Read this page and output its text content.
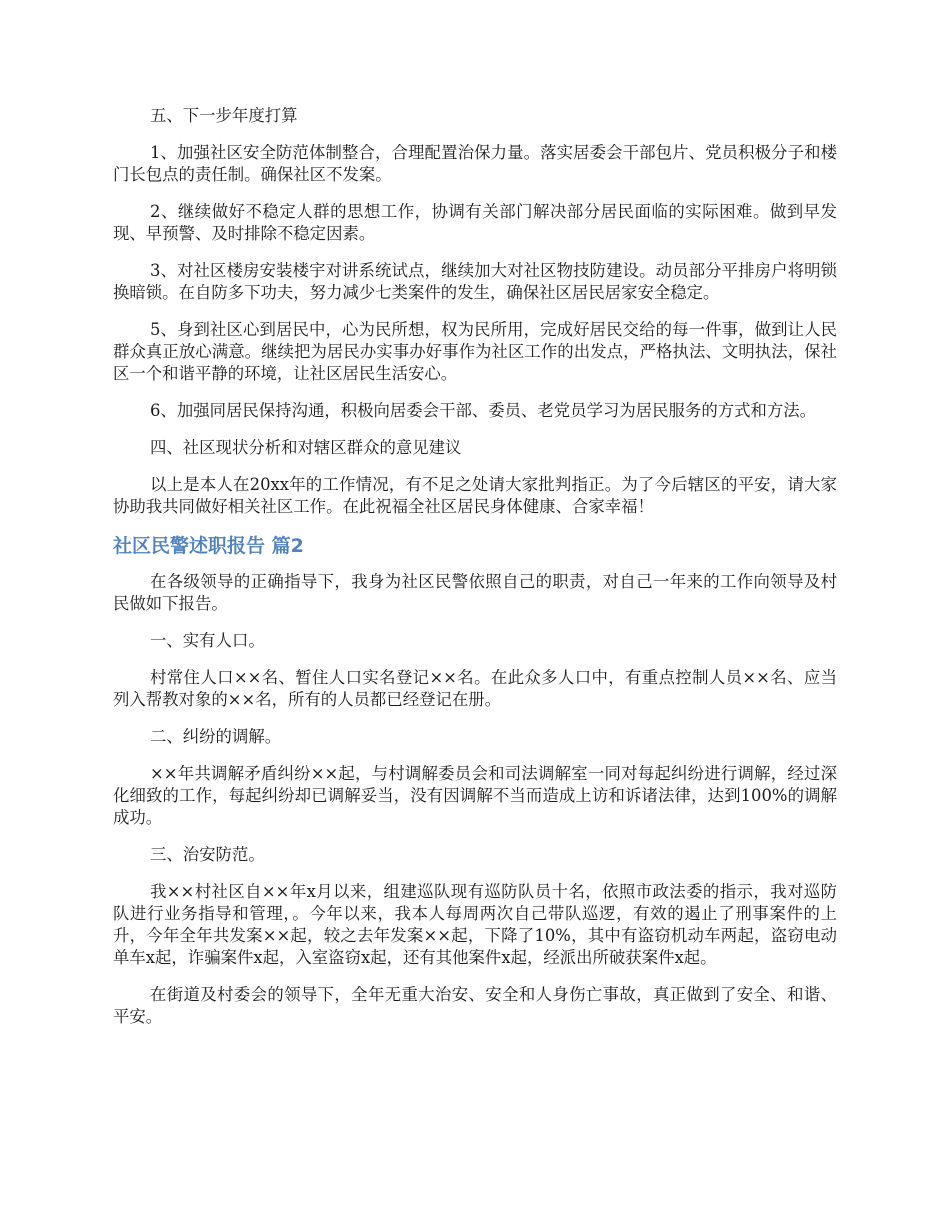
五、下一步年度打算

1、加强社区安全防范体制整合，合理配置治保力量。落实居委会干部包片、党员积极分子和楼门长包点的责任制。确保社区不发案。

2、继续做好不稳定人群的思想工作，协调有关部门解决部分居民面临的实际困难。做到早发现、早预警、及时排除不稳定因素。

3、对社区楼房安装楼宇对讲系统试点，继续加大对社区物技防建设。动员部分平排房户将明锁换暗锁。在自防多下功夫，努力减少七类案件的发生，确保社区居民居家安全稳定。

5、身到社区心到居民中，心为民所想，权为民所用，完成好居民交给的每一件事，做到让人民群众真正放心满意。继续把为居民办实事办好事作为社区工作的出发点，严格执法、文明执法，保社区一个和谐平静的环境，让社区居民生活安心。

6、加强同居民保持沟通，积极向居委会干部、委员、老党员学习为居民服务的方式和方法。

四、社区现状分析和对辖区群众的意见建议

以上是本人在20xx年的工作情况，有不足之处请大家批判指正。为了今后辖区的平安，请大家协助我共同做好相关社区工作。在此祝福全社区居民身体健康、合家幸福！

社区民警述职报告 篇2

在各级领导的正确指导下，我身为社区民警依照自己的职责，对自己一年来的工作向领导及村民做如下报告。

一、实有人口。

村常住人口××名、暂住人口实名登记××名。在此众多人口中，有重点控制人员××名、应当列入帮教对象的××名，所有的人员都已经登记在册。

二、纠纷的调解。

××年共调解矛盾纠纷××起，与村调解委员会和司法调解室一同对每起纠纷进行调解，经过深化细致的工作，每起纠纷却已调解妥当，没有因调解不当而造成上访和诉诸法律，达到100%的调解成功。

三、治安防范。

我××村社区自××年x月以来，组建巡队现有巡防队员十名，依照市政法委的指示，我对巡防队进行业务指导和管理，。今年以来，我本人每周两次自己带队巡逻，有效的遏止了刑事案件的上升，今年全年共发案××起，较之去年发案××起，下降了10%，其中有盗窃机动车两起，盗窃电动单车x起，诈骗案件x起，入室盗窃x起，还有其他案件x起，经派出所破获案件x起。

在街道及村委会的领导下，全年无重大治安、安全和人身伤亡事故，真正做到了安全、和谐、平安。
